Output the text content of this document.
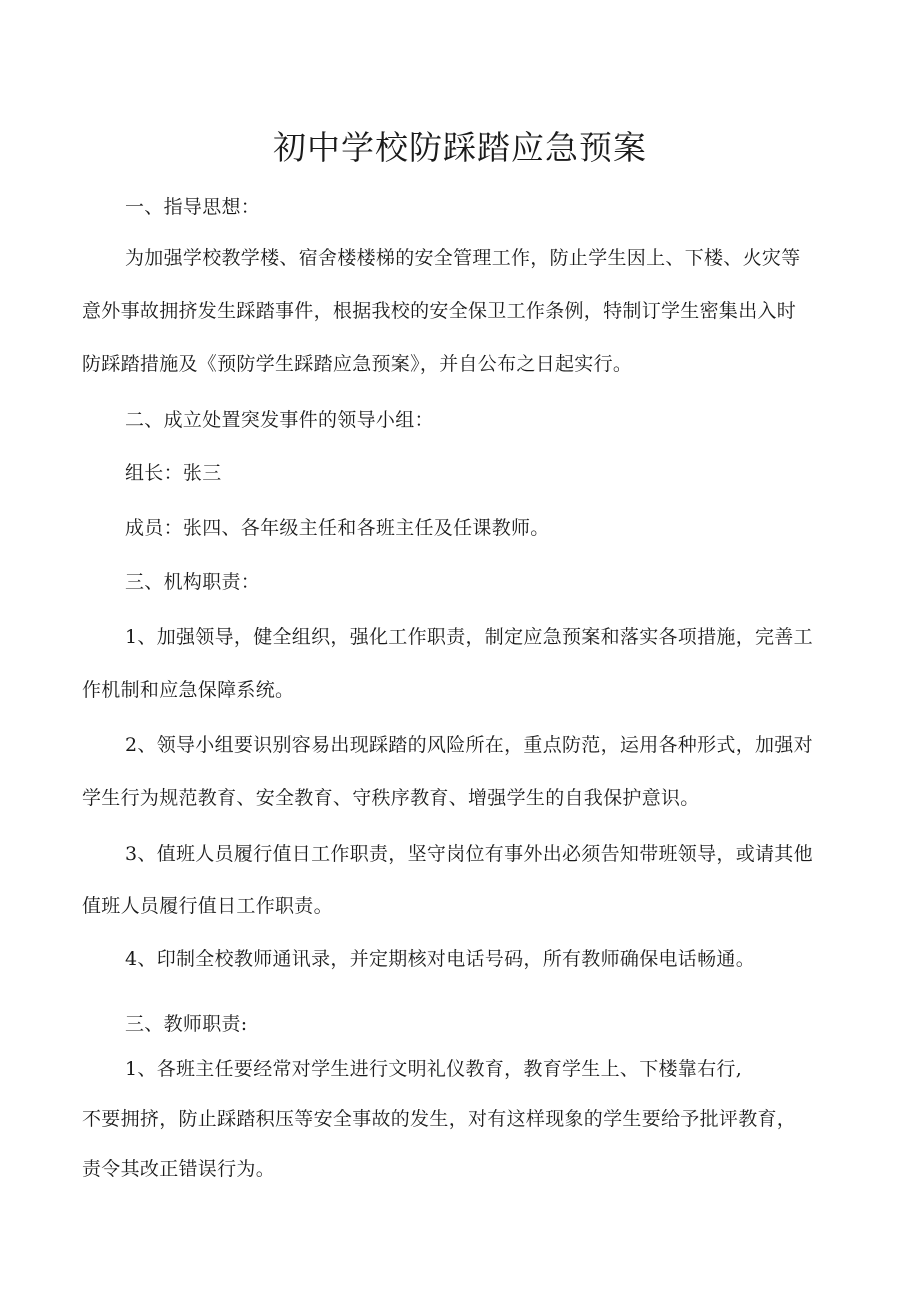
初中学校防踩踏应急预案
一、指导思想：
为加强学校教学楼、宿舍楼楼梯的安全管理工作，防止学生因上、下楼、火灾等
意外事故拥挤发生踩踏事件，根据我校的安全保卫工作条例，特制订学生密集出入时
防踩踏措施及《预防学生踩踏应急预案》，并自公布之日起实行。
二、成立处置突发事件的领导小组：
组长：张三
成员：张四、各年级主任和各班主任及任课教师。
三、机构职责：
1、加强领导，健全组织，强化工作职责，制定应急预案和落实各项措施，完善工
作机制和应急保障系统。
2、领导小组要识别容易出现踩踏的风险所在，重点防范，运用各种形式，加强对
学生行为规范教育、安全教育、守秩序教育、增强学生的自我保护意识。
3、值班人员履行值日工作职责，坚守岗位有事外出必须告知带班领导，或请其他
值班人员履行值日工作职责。
4、印制全校教师通讯录，并定期核对电话号码，所有教师确保电话畅通。
三、教师职责:
1、各班主任要经常对学生进行文明礼仪教育，教育学生上、下楼靠右行,
不要拥挤，防止踩踏积压等安全事故的发生，对有这样现象的学生要给予批评教育，
责令其改正错误行为。
